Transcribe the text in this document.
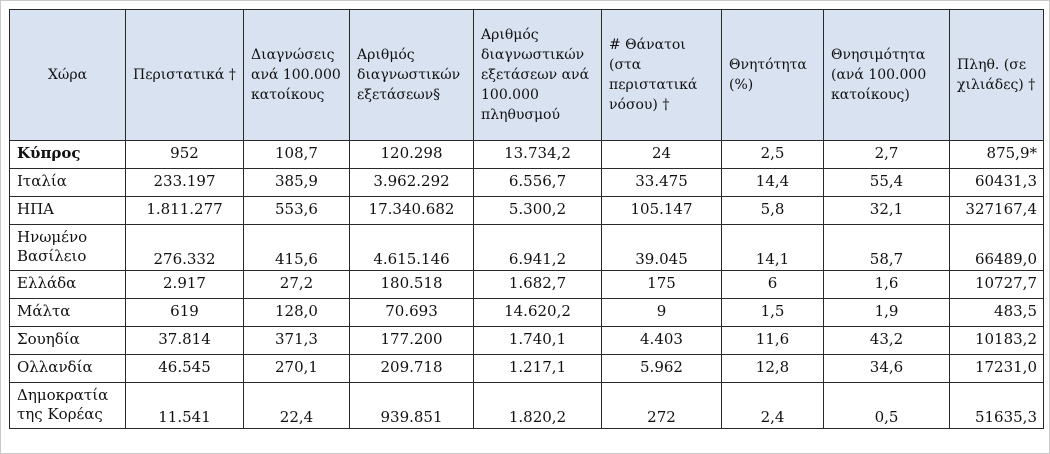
Χώρα	Περιστατικά †	Διαγνώσεις ανά 100.000 κατοίκους	Αριθμός διαγνωστικών εξετάσεων§	Αριθμός διαγνωστικών εξετάσεων ανά 100.000 πληθυσμού	# Θάνατοι (στα περιστατικά νόσου) †	Θνητότητα (%)	Θνησιμότητα (ανά 100.000 κατοίκους)	Πληθ. (σε χιλιάδες) †
Κύπρος	952	108,7	120.298	13.734,2	24	2,5	2,7	875,9*
Ιταλία	233.197	385,9	3.962.292	6.556,7	33.475	14,4	55,4	60431,3
ΗΠΑ	1.811.277	553,6	17.340.682	5.300,2	105.147	5,8	32,1	327167,4
Ηνωμένο Βασίλειο	276.332	415,6	4.615.146	6.941,2	39.045	14,1	58,7	66489,0
Ελλάδα	2.917	27,2	180.518	1.682,7	175	6	1,6	10727,7
Μάλτα	619	128,0	70.693	14.620,2	9	1,5	1,9	483,5
Σουηδία	37.814	371,3	177.200	1.740,1	4.403	11,6	43,2	10183,2
Ολλανδία	46.545	270,1	209.718	1.217,1	5.962	12,8	34,6	17231,0
Δημοκρατία της Κορέας	11.541	22,4	939.851	1.820,2	272	2,4	0,5	51635,3
